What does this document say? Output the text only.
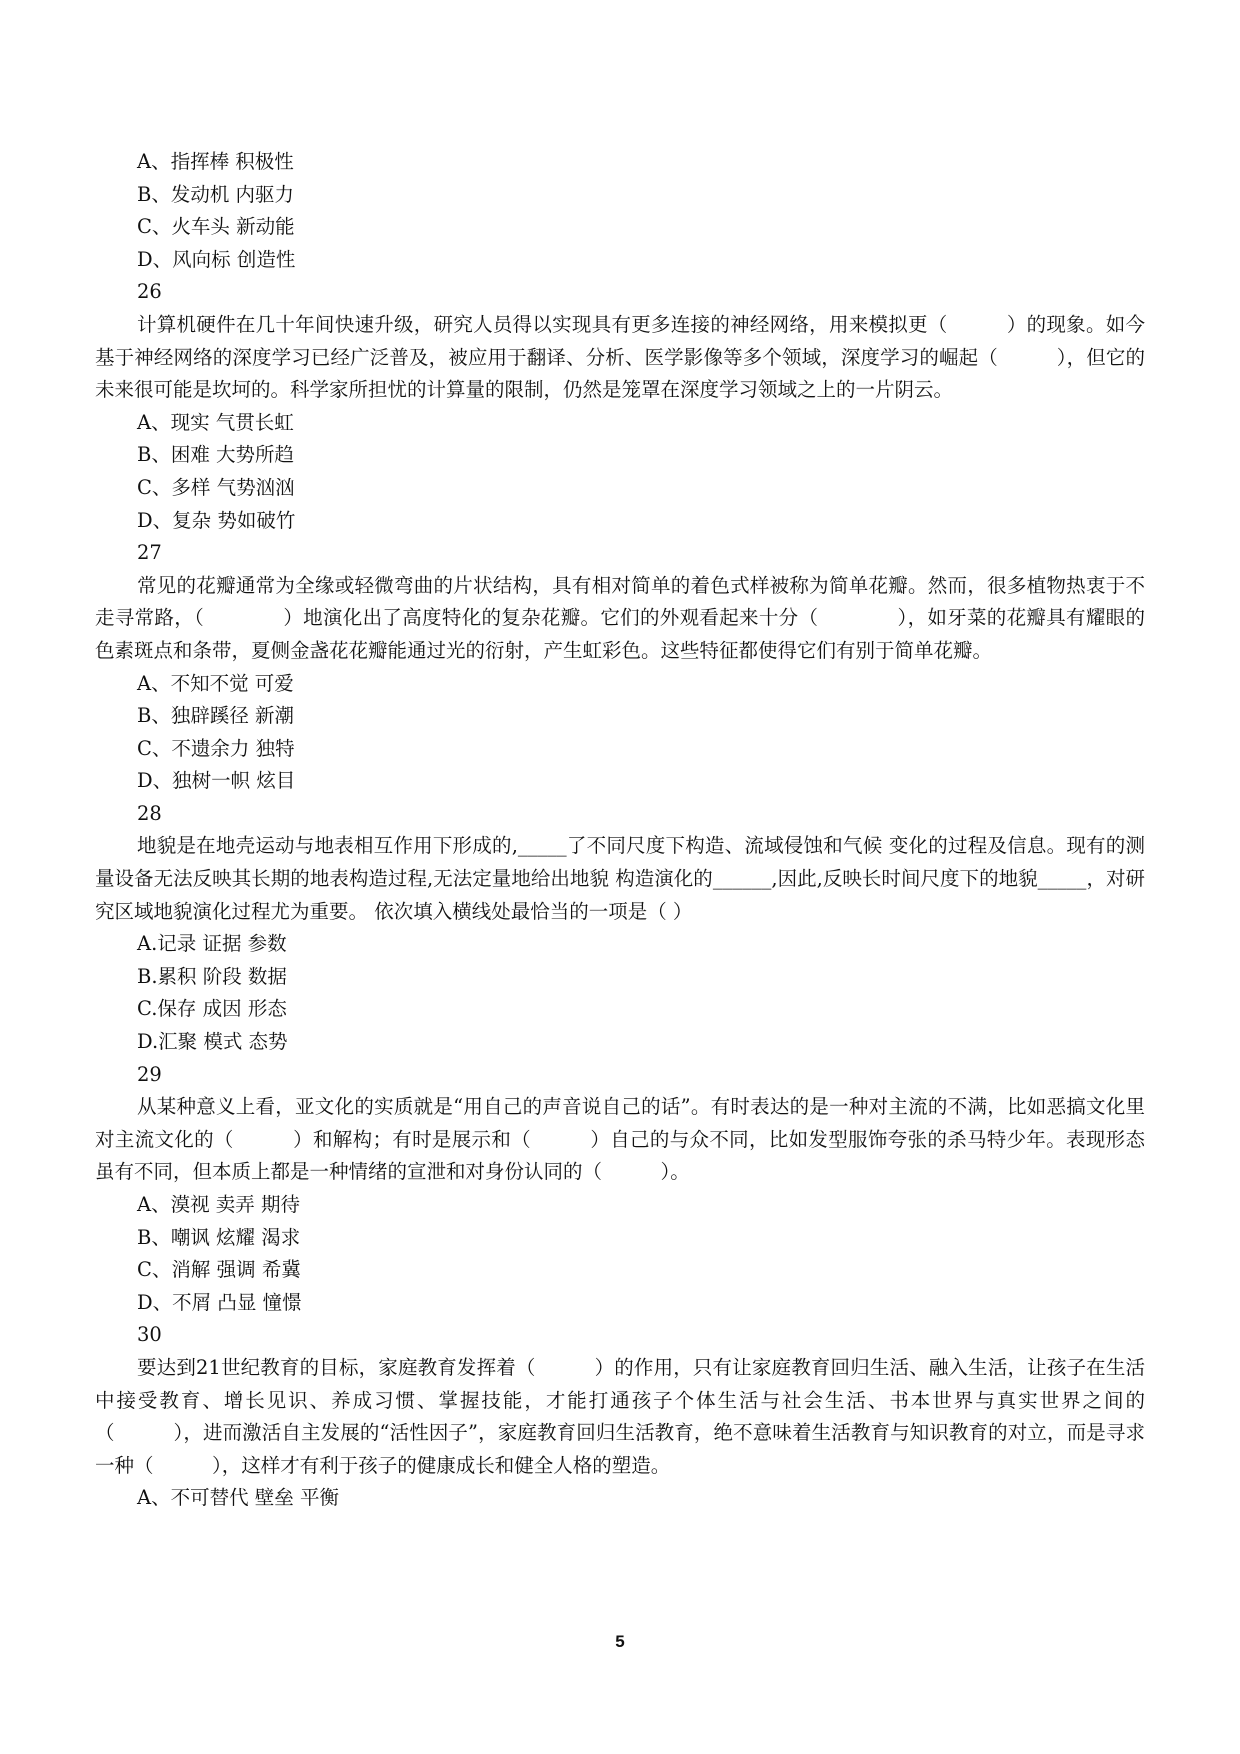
A、指挥棒 积极性
B、发动机 内驱力
C、火车头 新动能
D、风向标 创造性
26
计算机硬件在几十年间快速升级，研究人员得以实现具有更多连接的神经网络，用来模拟更（　　　）的现象。如今基于神经网络的深度学习已经广泛普及，被应用于翻译、分析、医学影像等多个领域，深度学习的崛起（　　　），但它的未来很可能是坎坷的。科学家所担忧的计算量的限制，仍然是笼罩在深度学习领域之上的一片阴云。
A、现实 气贯长虹
B、困难 大势所趋
C、多样 气势汹汹
D、复杂 势如破竹
27
常见的花瓣通常为全缘或轻微弯曲的片状结构，具有相对简单的着色式样被称为简单花瓣。然而，很多植物热衷于不走寻常路，（　　　　）地演化出了高度特化的复杂花瓣。它们的外观看起来十分（　　　　），如牙菜的花瓣具有耀眼的色素斑点和条带，夏侧金盏花花瓣能通过光的衍射，产生虹彩色。这些特征都使得它们有别于简单花瓣。
A、不知不觉 可爱
B、独辟蹊径 新潮
C、不遗余力 独特
D、独树一帜 炫目
28
地貌是在地壳运动与地表相互作用下形成的,_____了不同尺度下构造、流域侵蚀和气候 变化的过程及信息。现有的测量设备无法反映其长期的地表构造过程,无法定量地给出地貌 构造演化的______,因此,反映长时间尺度下的地貌_____，对研究区域地貌演化过程尤为重要。 依次填入横线处最恰当的一项是（ ）
A.记录 证据 参数
B.累积 阶段 数据
C.保存 成因 形态
D.汇聚 模式 态势
29
从某种意义上看，亚文化的实质就是“用自己的声音说自己的话”。有时表达的是一种对主流的不满，比如恶搞文化里对主流文化的（　　　）和解构；有时是展示和（　　　）自己的与众不同，比如发型服饰夸张的杀马特少年。表现形态虽有不同，但本质上都是一种情绪的宣泄和对身份认同的（　　　）。
A、漠视 卖弄 期待
B、嘲讽 炫耀 渴求
C、消解 强调 希冀
D、不屑 凸显 憧憬
30
要达到21世纪教育的目标，家庭教育发挥着（　　　）的作用，只有让家庭教育回归生活、融入生活，让孩子在生活中接受教育、增长见识、养成习惯、掌握技能，才能打通孩子个体生活与社会生活、书本世界与真实世界之间的（　　　），进而激活自主发展的“活性因子”，家庭教育回归生活教育，绝不意味着生活教育与知识教育的对立，而是寻求一种（　　　），这样才有利于孩子的健康成长和健全人格的塑造。
A、不可替代 壁垒 平衡
5
